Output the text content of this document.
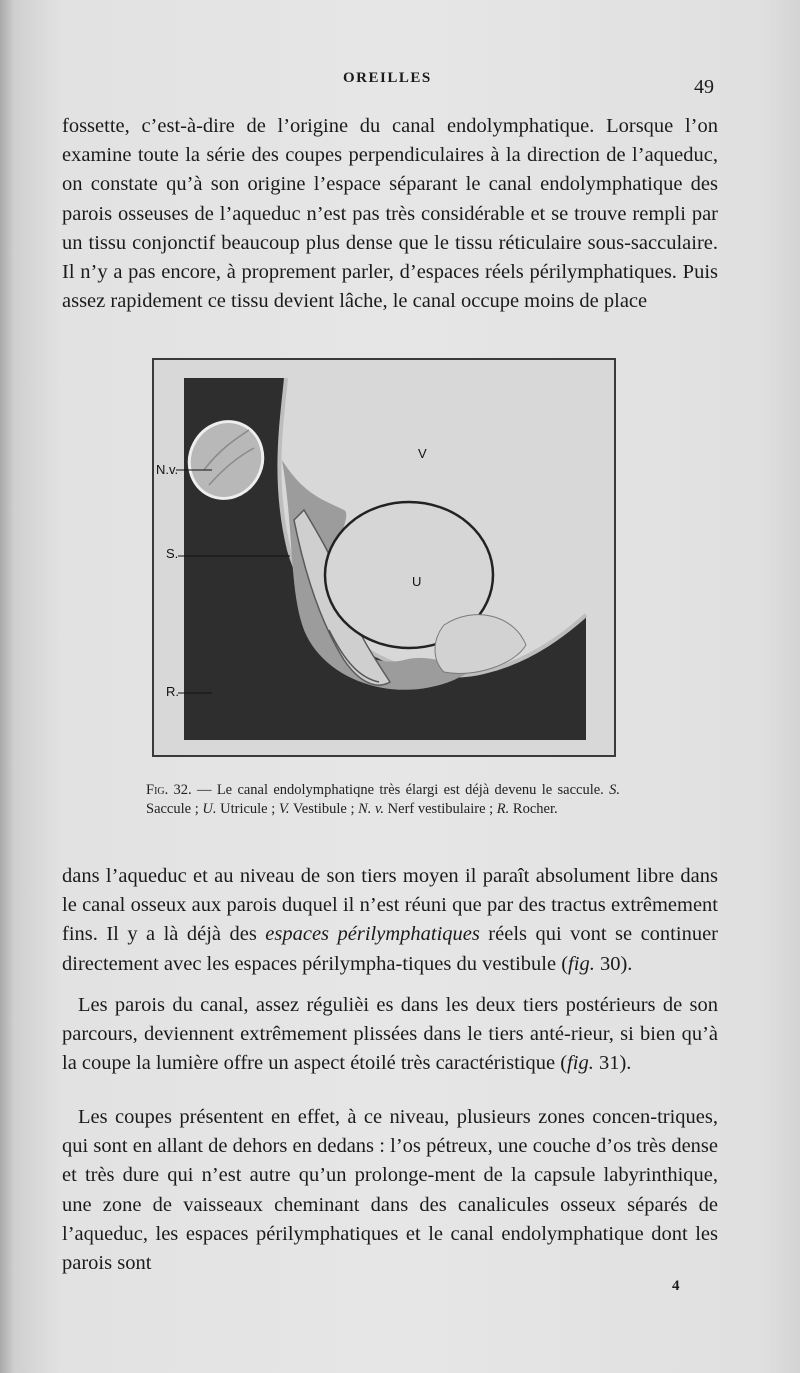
OREILLES	49

fossette, c’est-à-dire de l’origine du canal endolymphatique. Lorsque l’on examine toute la série des coupes perpendiculaires à la direction de l’aqueduc, on constate qu’à son origine l’espace séparant le canal endolymphatique des parois osseuses de l’aqueduc n’est pas très considérable et se trouve rempli par un tissu conjonctif beaucoup plus dense que le tissu réticulaire sous-sacculaire. Il n’y a pas encore, à proprement parler, d’espaces réels périlymphatiques. Puis assez rapidement ce tissu devient lâche, le canal occupe moins de place

N.v.
S.
R.
V
U

Fig. 32. — Le canal endolymphatiqne très élargi est déjà devenu le saccule. S. Saccule ; U. Utricule ; V. Vestibule ; N. v. Nerf vestibulaire ; R. Rocher.

dans l’aqueduc et au niveau de son tiers moyen il paraît absolument libre dans le canal osseux aux parois duquel il n’est réuni que par des tractus extrêmement fins. Il y a là déjà des espaces périlymphatiques réels qui vont se continuer directement avec les espaces périlympha-tiques du vestibule (fig. 30).

Les parois du canal, assez régulièi es dans les deux tiers postérieurs de son parcours, deviennent extrêmement plissées dans le tiers anté-rieur, si bien qu’à la coupe la lumière offre un aspect étoilé très caractéristique (fig. 31).

Les coupes présentent en effet, à ce niveau, plusieurs zones concen-triques, qui sont en allant de dehors en dedans : l’os pétreux, une couche d’os très dense et très dure qui n’est autre qu’un prolonge-ment de la capsule labyrinthique, une zone de vaisseaux cheminant dans des canalicules osseux séparés de l’aqueduc, les espaces périlymphatiques et le canal endolymphatique dont les parois sont

4
